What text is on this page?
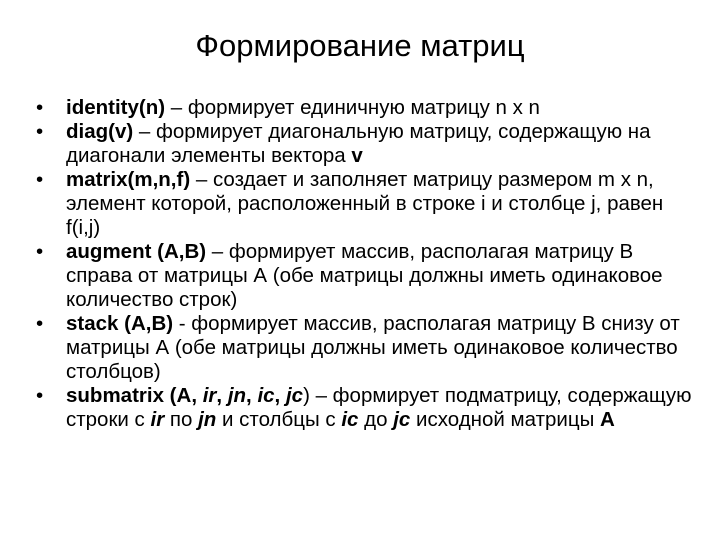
Формирование матриц
•	identity(n) – формирует единичную матрицу n x n
•	diag(v) – формирует диагональную матрицу, содержащую на диагонали элементы вектора v
•	matrix(m,n,f) – создает и заполняет матрицу размером m x n, элемент которой, расположенный в строке i и столбце j, равен f(i,j)
•	augment (A,B) – формирует массив, располагая матрицу В справа от матрицы А (обе матрицы должны иметь одинаковое количество строк)
•	stack (A,B) - формирует массив, располагая матрицу В снизу от матрицы А (обе матрицы должны иметь одинаковое количество столбцов)
•	submatrix (A, ir, jn, ic, jc) – формирует подматрицу, содержащую строки с ir по jn и столбцы с ic до jc исходной матрицы А
